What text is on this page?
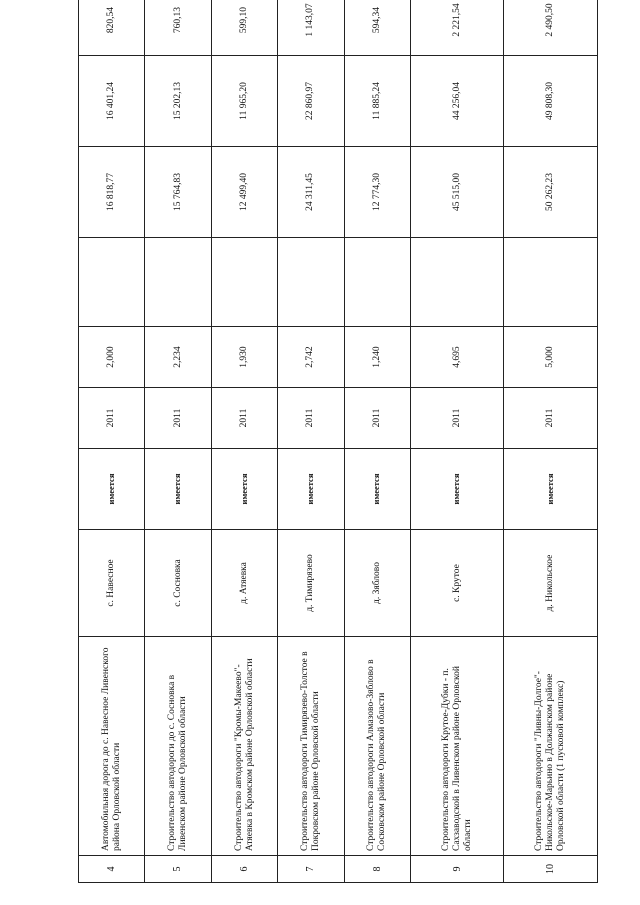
4	Автомобильная дорога до с. Навесное Ливенского района Орловской области	с. Навесное	имеется	2011	2,000		16 818,77	16 401,24	820,54	
5	Строительство автодороги до с. Сосновка в Ливенском районе Орловской области	с. Сосновка	имеется	2011	2,234		15 764,83	15 202,13	760,13	
6	Строительство автодороги "Кромы-Макеево"-Атяевка в Кромском районе Орловской области	д. Атяевка	имеется	2011	1,930		12 499,40	11 965,20	599,10	
7	Строительство автодороги Тимирязево-Толстое в Покровском районе Орловской области	д. Тимирязево	имеется	2011	2,742		24 311,45	22 860,97	1 143,07	
8	Строительство автодороги Алмазово-Зяблово в Сосковском районе Орловской области	д. Зяблово	имеется	2011	1,240		12 774,30	11 885,24	594,34	
9	Строительство автодороги Крутое-Дубки - п. Сахзаводской в Ливенском районе Орловской области	с. Крутое	имеется	2011	4,695		45 515,00	44 256,04	2 221,54	
10	Строительство автодороги "Ливны-Долгое"-Никольское-Марьино в Должанском районе Орловской области (1 пусковой комплекс)	д. Никольское	имеется	2011	5,000		50 262,23	49 808,30	2 490,50	
